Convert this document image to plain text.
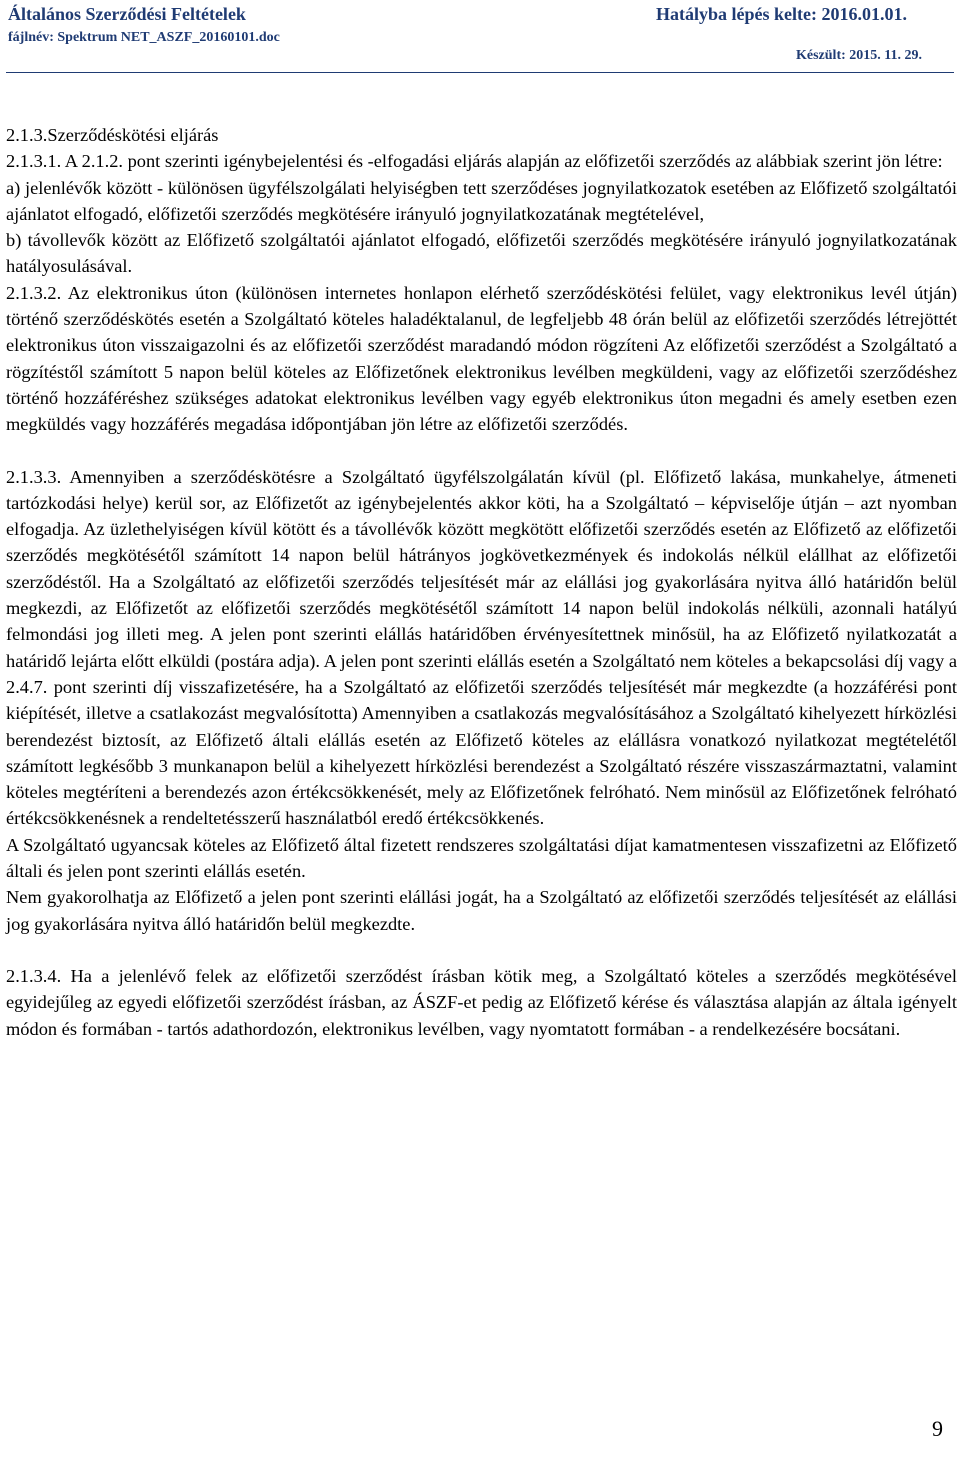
Általános Szerződési Feltételek
fájlnév: Spektrum NET_ASZF_20160101.doc
Hatályba lépés kelte: 2016.01.01.
Készült: 2015. 11. 29.

2.1.3.Szerződéskötési eljárás

2.1.3.1. A 2.1.2. pont szerinti igénybejelentési és -elfogadási eljárás alapján az előfizetői szerződés az alábbiak szerint jön létre:

a) jelenlévők között - különösen ügyfélszolgálati helyiségben tett szerződéses jognyilatkozatok esetében az Előfizető szolgáltatói ajánlatot elfogadó, előfizetői szerződés megkötésére irányuló jognyilatkozatának megtételével,

b) távollevők között az Előfizető szolgáltatói ajánlatot elfogadó, előfizetői szerződés megkötésére irányuló jognyilatkozatának hatályosulásával.

2.1.3.2. Az elektronikus úton (különösen internetes honlapon elérhető szerződéskötési felület, vagy elektronikus levél útján) történő szerződéskötés esetén a Szolgáltató köteles haladéktalanul, de legfeljebb 48 órán belül az előfizetői szerződés létrejöttét elektronikus úton visszaigazolni és az előfizetői szerződést maradandó módon rögzíteni Az előfizetői szerződést a Szolgáltató a rögzítéstől számított 5 napon belül köteles az Előfizetőnek elektronikus levélben megküldeni, vagy az előfizetői szerződéshez történő hozzáféréshez szükséges adatokat elektronikus levélben vagy egyéb elektronikus úton megadni és amely esetben ezen megküldés vagy hozzáférés megadása időpontjában jön létre az előfizetői szerződés.

2.1.3.3. Amennyiben a szerződéskötésre a Szolgáltató ügyfélszolgálatán kívül (pl. Előfizető lakása, munkahelye, átmeneti tartózkodási helye) kerül sor, az Előfizetőt az igénybejelentés akkor köti, ha a Szolgáltató – képviselője útján – azt nyomban elfogadja. Az üzlethelyiségen kívül kötött és a távollévők között megkötött előfizetői szerződés esetén az Előfizető az előfizetői szerződés megkötésétől számított 14 napon belül hátrányos jogkövetkezmények és indokolás nélkül elállhat az előfizetői szerződéstől. Ha a Szolgáltató az előfizetői szerződés teljesítését már az elállási jog gyakorlására nyitva álló határidőn belül megkezdi, az Előfizetőt az előfizetői szerződés megkötésétől számított 14 napon belül indokolás nélküli, azonnali hatályú felmondási jog illeti meg. A jelen pont szerinti elállás határidőben érvényesítettnek minősül, ha az Előfizető nyilatkozatát a határidő lejárta előtt elküldi (postára adja). A jelen pont szerinti elállás esetén a Szolgáltató nem köteles a bekapcsolási díj vagy a 2.4.7. pont szerinti díj visszafizetésére, ha a Szolgáltató az előfizetői szerződés teljesítését már megkezdte (a hozzáférési pont kiépítését, illetve a csatlakozást megvalósította) Amennyiben a csatlakozás megvalósításához a Szolgáltató kihelyezett hírközlési berendezést biztosít, az Előfizető általi elállás esetén az Előfizető köteles az elállásra vonatkozó nyilatkozat megtételétől számított legkésőbb 3 munkanapon belül a kihelyezett hírközlési berendezést a Szolgáltató részére visszaszármaztatni, valamint köteles megtéríteni a berendezés azon értékcsökkenését, mely az Előfizetőnek felróható. Nem minősül az Előfizetőnek felróható értékcsökkenésnek a rendeltetésszerű használatból eredő értékcsökkenés.

A Szolgáltató ugyancsak köteles az Előfizető által fizetett rendszeres szolgáltatási díjat kamatmentesen visszafizetni az Előfizető általi és jelen pont szerinti elállás esetén.

Nem gyakorolhatja az Előfizető a jelen pont szerinti elállási jogát, ha a Szolgáltató az előfizetői szerződés teljesítését az elállási jog gyakorlására nyitva álló határidőn belül megkezdte.

2.1.3.4. Ha a jelenlévő felek az előfizetői szerződést írásban kötik meg, a Szolgáltató köteles a szerződés megkötésével egyidejűleg az egyedi előfizetői szerződést írásban, az ÁSZF-et pedig az Előfizető kérése és választása alapján az általa igényelt módon és formában - tartós adathordozón, elektronikus levélben, vagy nyomtatott formában - a rendelkezésére bocsátani.

9
